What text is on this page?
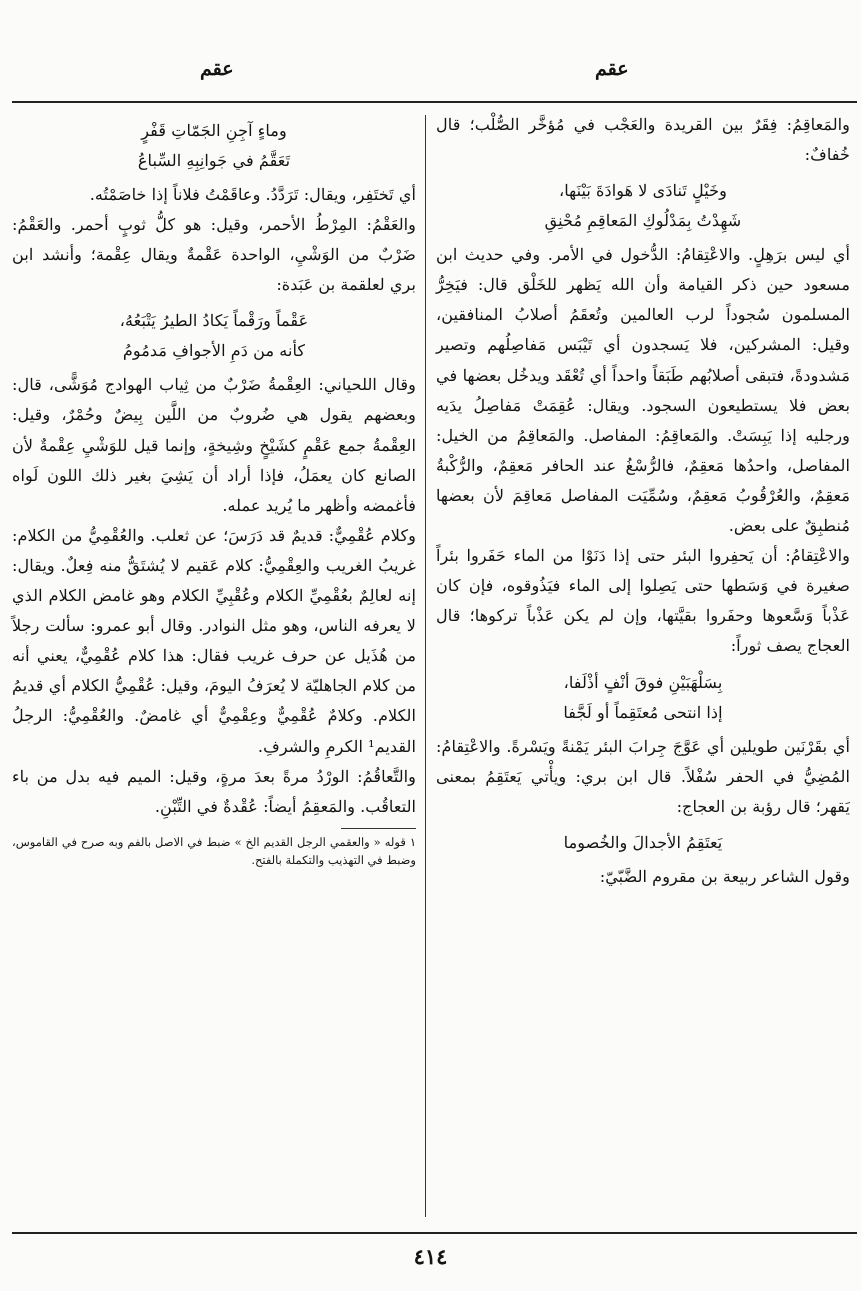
عقم
عقم

والمَعاقِمُ: فِقَرٌ بين القريدة والعَجْب في مُؤخَّر الصُّلْب؛ قال خُفافٌ:

وخَيْلٍ تَنادَى لا هَوادَةَ بَيْنَها،
شَهِدْتُ بِمَدْلُوكِ المَعاقِمِ مُحْنِقِ

أي ليس برَهِلٍ. والاعْتِقامُ: الدُّخول في الأمر. وفي حديث ابن مسعود حين ذكر القيامة وأن الله يَظهر للخَلْق قال: فيَخِرُّ المسلمون سُجوداً لرب العالمين وتُعقَمُ أصلابُ المنافقين، وقيل: المشركين، فلا يَسجدون أي تَيْبَس مَفاصِلُهم وتصير مَشدودةً، فتبقى أصلابُهم طَبَقاً واحداً أي تُعْقَد ويدخُل بعضها في بعض فلا يستطيعون السجود. ويقال: عُقِمَتْ مَفاصِلُ يدَيه ورجليه إذا يَبِسَتْ. والمَعاقِمُ: المفاصل. والمَعاقِمُ من الخيل: المفاصل، واحدُها مَعقِمٌ، فالرُّسْغُ عند الحافر مَعقِمٌ، والرُّكْبةُ مَعقِمٌ، والعُرْقُوبُ مَعقِمٌ، وسُمِّيَت المفاصل مَعاقِمَ لأن بعضها مُنطبِقٌ على بعض.

والاعْتِقامُ: أن يَحفِروا البئر حتى إذا دَنَوْا من الماء حَفَروا بئراً صغيرة في وَسَطها حتى يَصِلوا إلى الماء فيَذُوقوه، فإن كان عَذْباً وَسَّعوها وحفَروا بقيَّتها، وإن لم يكن عَذْباً تركوها؛ قال العجاج يصف ثوراً:

بِسَلْهَبَيْنِ فوقَ أنْفٍ أذْلَفا،
إذا انتحى مُعتَقِماً أو لَجَّفا

أي بقَرْنَين طويلين أي عَوَّجَ جِرابَ البئر يَمْنةً ويَسْرةً. والاعْتِقامُ: المُضِيُّ في الحفر سُفْلاً. قال ابن بري: ويأْتي يَعتَقِمُ بمعنى يَقهر؛ قال رؤبة بن العجاج:

يَعتَقِمُ الأجدالَ والخُصوما

وقول الشاعر ربيعة بن مقروم الضَّبّيّ:

وماءٍ آجِنِ الجَمّاتِ قَفْرٍ
تَعَقَّمُ في جَوانِبِهِ السِّباعُ

أي تَختَفِر، ويقال: تَرَدَّدُ. وعاقَمْتُ فلاناً إذا خاصَمْتُه.

والعَقْمُ: المِرْطُ الأحمر، وقيل: هو كلُّ ثوبٍ أحمر. والعَقْمُ: ضَرْبٌ من الوَشْيِ، الواحدة عَقْمةٌ ويقال عِقْمة؛ وأنشد ابن بري لعلقمة بن عَبَدة:

عَقْماً ورَقْماً يَكادُ الطيرُ يَتْبَعُهُ،
كأنه من دَمِ الأجوافِ مَدمُومُ

وقال اللحياني: العِقْمةُ ضَرْبٌ من ثِياب الهوادج مُوَشًّى، قال: وبعضهم يقول هي ضُروبٌ من اللَّين بِيضٌ وحُمْرٌ، وقيل: العِقْمةُ جمع عَقْمٍ كشَيْخٍ وشِيخةٍ، وإنما قيل للوَشْيِ عِقْمةٌ لأن الصانع كان يعمَلُ، فإذا أراد أن يَشِيَ بغير ذلك اللون لَواه فأغمضه وأظهر ما يُريد عمله.

وكلام عُقْمِيٌّ: قديمٌ قد دَرَسَ؛ عن ثعلب. والعُقْمِيُّ من الكلام: غريبُ الغريب والعِقْمِيُّ: كلام عَقيم لا يُشتَقُّ منه فِعلٌ. ويقال: إنه لعالِمٌ بعُقْمِيِّ الكلام وعُقْبِيِّ الكلام وهو غامض الكلام الذي لا يعرفه الناس، وهو مثل النوادر. وقال أبو عمرو: سألت رجلاً من هُذَيل عن حرف غريب فقال: هذا كلام عُقْمِيٌّ، يعني أنه من كلام الجاهليّة لا يُعرَفُ اليومَ، وقيل: عُقْمِيُّ الكلام أي قديمُ الكلام. وكلامٌ عُقْمِيٌّ وعِقْمِيٌّ أي غامضٌ. والعُقْمِيُّ: الرجلُ القديم¹ الكرمِ والشرفِ.

والتَّعاقُمُ: الورْدُ مرةً بعدَ مرةٍ، وقيل: الميم فيه بدل من باء التعاقُب. والمَعقِمُ أيضاً: عُقْدةٌ في التِّبْنِ.

١ قوله « والعقمي الرجل القديم الخ » ضبط في الاصل بالفم وبه صرح في القاموس، وضبط في التهذيب والتكملة بالفتح.

٤١٤
